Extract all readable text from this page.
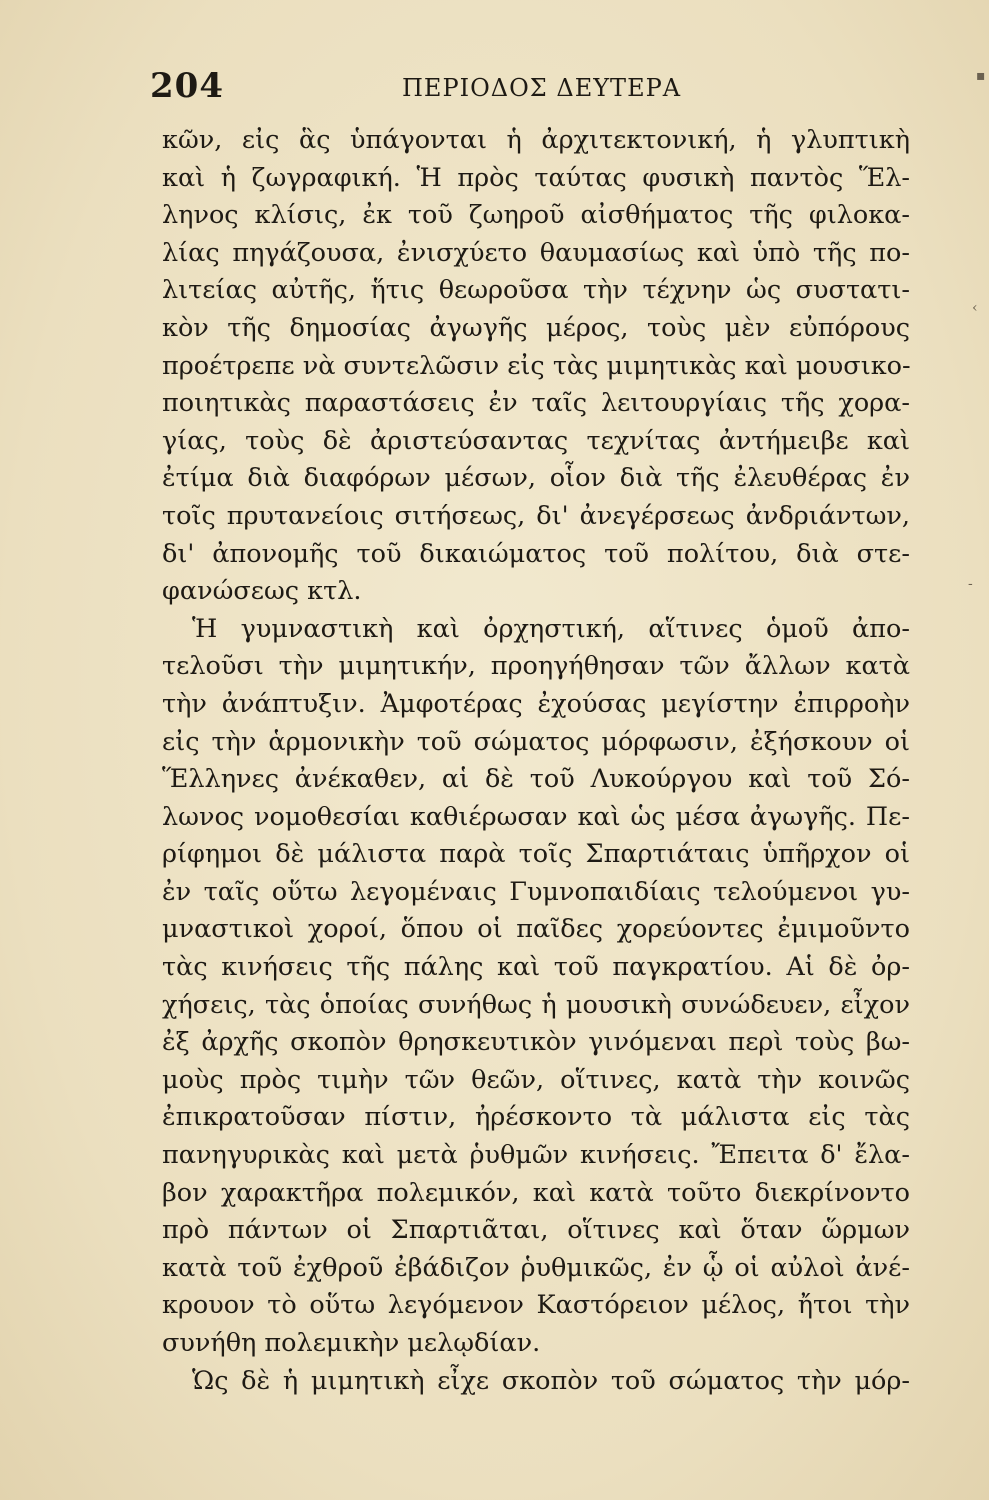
204	ΠΕΡΙΟΔΟΣ ΔΕΥΤΕΡΑ
κῶν, εἰς ἃς ὑπάγονται ἡ ἀρχιτεκτονική, ἡ γλυπτικὴ
καὶ ἡ ζωγραφική. Ἡ πρὸς ταύτας φυσικὴ παντὸς Ἕλ-
ληνος κλίσις, ἐκ τοῦ ζωηροῦ αἰσθήματος τῆς φιλοκα-
λίας πηγάζουσα, ἐνισχύετο θαυμασίως καὶ ὑπὸ τῆς πο-
λιτείας αὐτῆς, ἥτις θεωροῦσα τὴν τέχνην ὡς συστατι-
κὸν τῆς δημοσίας ἀγωγῆς μέρος, τοὺς μὲν εὐπόρους
προέτρεπε νὰ συντελῶσιν εἰς τὰς μιμητικὰς καὶ μουσικο-
ποιητικὰς παραστάσεις ἐν ταῖς λειτουργίαις τῆς χορα-
γίας, τοὺς δὲ ἀριστεύσαντας τεχνίτας ἀντήμειβε καὶ
ἐτίμα διὰ διαφόρων μέσων, οἷον διὰ τῆς ἐλευθέρας ἐν
τοῖς πρυτανείοις σιτήσεως, δι' ἀνεγέρσεως ἀνδριάντων,
δι' ἀπονομῆς τοῦ δικαιώματος τοῦ πολίτου, διὰ στε-
φανώσεως κτλ.
Ἡ γυμναστικὴ καὶ ὀρχηστική, αἵτινες ὁμοῦ ἀπο-
τελοῦσι τὴν μιμητικήν, προηγήθησαν τῶν ἄλλων κατὰ
τὴν ἀνάπτυξιν. Ἀμφοτέρας ἐχούσας μεγίστην ἐπιρροὴν
εἰς τὴν ἁρμονικὴν τοῦ σώματος μόρφωσιν, ἐξήσκουν οἱ
Ἕλληνες ἀνέκαθεν, αἱ δὲ τοῦ Λυκούργου καὶ τοῦ Σό-
λωνος νομοθεσίαι καθιέρωσαν καὶ ὡς μέσα ἀγωγῆς. Πε-
ρίφημοι δὲ μάλιστα παρὰ τοῖς Σπαρτιάταις ὑπῆρχον οἱ
ἐν ταῖς οὕτω λεγομέναις Γυμνοπαιδίαις τελούμενοι γυ-
μναστικοὶ χοροί, ὅπου οἱ παῖδες χορεύοντες ἐμιμοῦντο
τὰς κινήσεις τῆς πάλης καὶ τοῦ παγκρατίου. Αἱ δὲ ὀρ-
χήσεις, τὰς ὁποίας συνήθως ἡ μουσικὴ συνώδευεν, εἶχον
ἐξ ἀρχῆς σκοπὸν θρησκευτικὸν γινόμεναι περὶ τοὺς βω-
μοὺς πρὸς τιμὴν τῶν θεῶν, οἵτινες, κατὰ τὴν κοινῶς
ἐπικρατοῦσαν πίστιν, ἠρέσκοντο τὰ μάλιστα εἰς τὰς
πανηγυρικὰς καὶ μετὰ ῥυθμῶν κινήσεις. Ἔπειτα δ' ἔλα-
βον χαρακτῆρα πολεμικόν, καὶ κατὰ τοῦτο διεκρίνοντο
πρὸ πάντων οἱ Σπαρτιᾶται, οἵτινες καὶ ὅταν ὥρμων
κατὰ τοῦ ἐχθροῦ ἐβάδιζον ῥυθμικῶς, ἐν ᾧ οἱ αὐλοὶ ἀνέ-
κρουον τὸ οὕτω λεγόμενον Καστόρειον μέλος, ἤτοι τὴν
συνήθη πολεμικὴν μελῳδίαν.
Ὡς δὲ ἡ μιμητικὴ εἶχε σκοπὸν τοῦ σώματος τὴν μόρ-
▪
‹
‐
